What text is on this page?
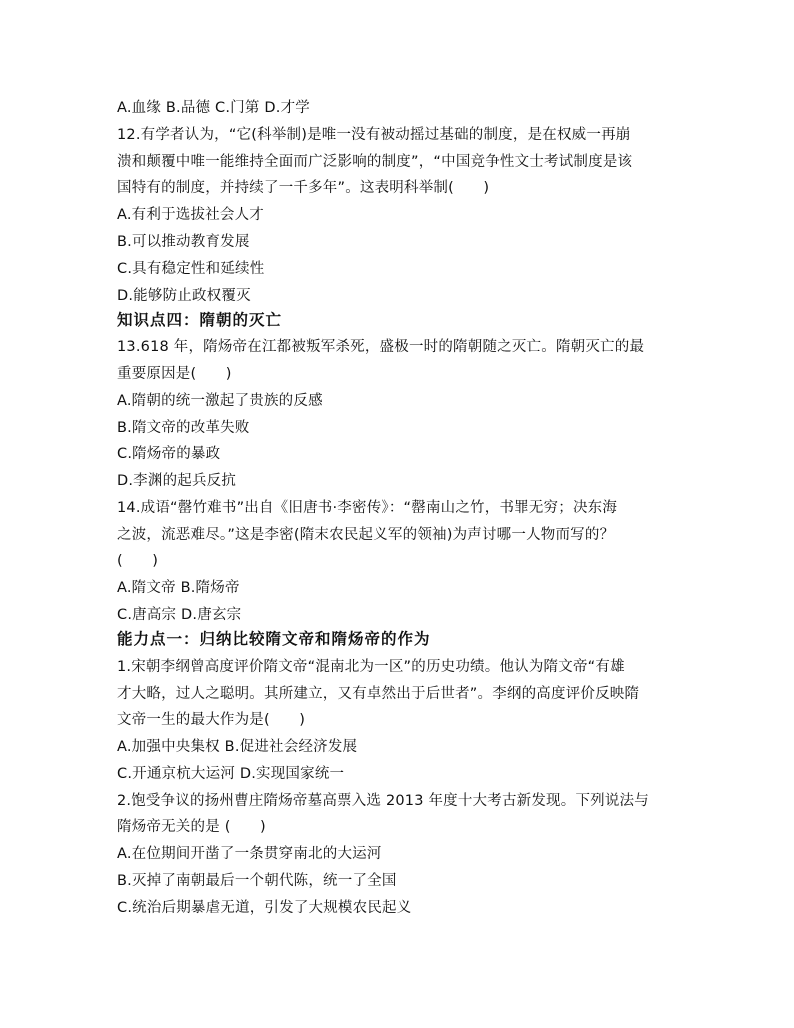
A.血缘 B.品德 C.门第 D.才学
12.有学者认为，“它(科举制)是唯一没有被动摇过基础的制度，是在权威一再崩
溃和颠覆中唯一能维持全面而广泛影响的制度”，“中国竞争性文士考试制度是该
国特有的制度，并持续了一千多年”。这表明科举制(　　)
A.有利于选拔社会人才
B.可以推动教育发展
C.具有稳定性和延续性
D.能够防止政权覆灭
知识点四：隋朝的灭亡
13.618 年，隋炀帝在江都被叛军杀死，盛极一时的隋朝随之灭亡。隋朝灭亡的最
重要原因是(　　)
A.隋朝的统一激起了贵族的反感
B.隋文帝的改革失败
C.隋炀帝的暴政
D.李渊的起兵反抗
14.成语“罄竹难书”出自《旧唐书·李密传》：“罄南山之竹，书罪无穷；决东海
之波，流恶难尽。”这是李密(隋末农民起义军的领袖)为声讨哪一人物而写的？
(　　)
A.隋文帝 B.隋炀帝
C.唐高宗 D.唐玄宗
能力点一：归纳比较隋文帝和隋炀帝的作为
1.宋朝李纲曾高度评价隋文帝“混南北为一区”的历史功绩。他认为隋文帝“有雄
才大略，过人之聪明。其所建立，又有卓然出于后世者”。李纲的高度评价反映隋
文帝一生的最大作为是(　　)
A.加强中央集权 B.促进社会经济发展
C.开通京杭大运河 D.实现国家统一
2.饱受争议的扬州曹庄隋炀帝墓高票入选 2013 年度十大考古新发现。下列说法与
隋炀帝无关的是 (　　)
A.在位期间开凿了一条贯穿南北的大运河
B.灭掉了南朝最后一个朝代陈，统一了全国
C.统治后期暴虐无道，引发了大规模农民起义
